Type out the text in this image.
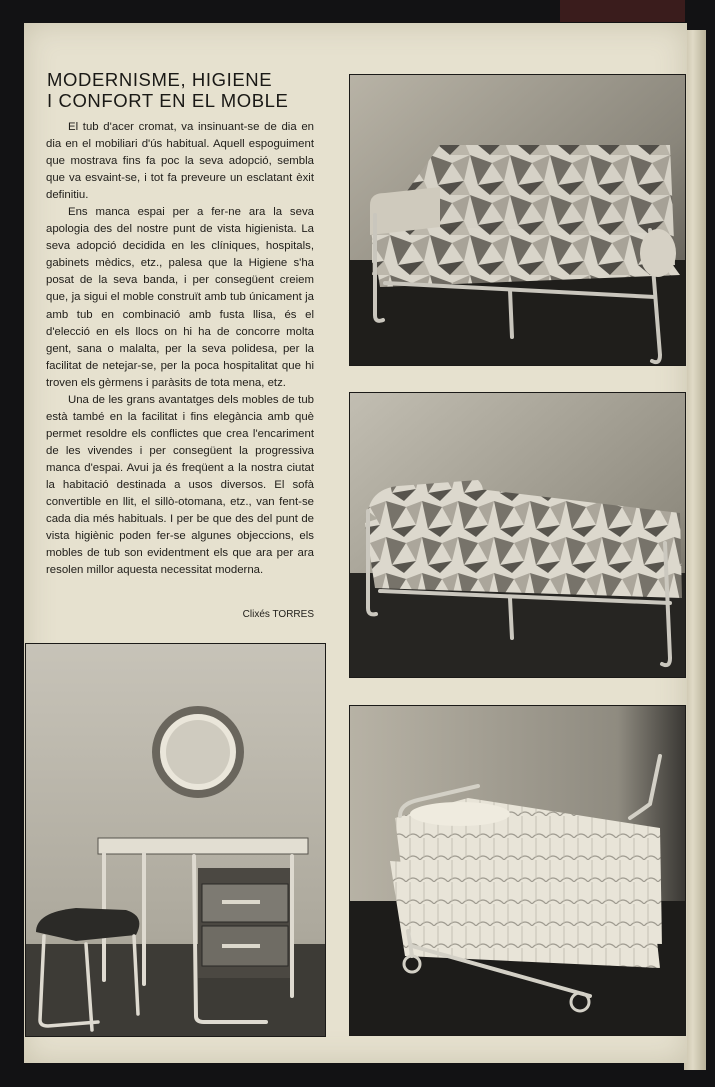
MODERNISME, HIGIENE
I CONFORT EN EL MOBLE

El tub d'acer cromat, va insinuant-se de dia en dia en el mobiliari d'ús habitual. Aquell espoguiment que mostrava fins fa poc la seva adopció, sembla que va esvaint-se, i tot fa preveure un esclatant èxit definitiu.

Ens manca espai per a fer-ne ara la seva apologia des del nostre punt de vista higienista. La seva adopció decidida en les clíniques, hospitals, gabinets mèdics, etz., palesa que la Higiene s'ha posat de la seva banda, i per consegüent creiem que, ja sigui el moble construït amb tub únicament ja amb tub en combinació amb fusta llisa, és el d'elecció en els llocs on hi ha de concorre molta gent, sana o malalta, per la seva polidesa, per la facilitat de netejar-se, per la poca hospitalitat que hi troven els gèrmens i paràsits de tota mena, etz.

Una de les grans avantatges dels mobles de tub està també en la facilitat i fins elegància amb què permet resoldre els conflictes que crea l'encariment de les vivendes i per consegüent la progressiva manca d'espai. Avui ja és freqüent a la nostra ciutat la habitació destinada a usos diversos. El sofà convertible en llit, el sillò-otomana, etz., van fent-se cada dia més habituals. I per be que des del punt de vista higiènic poden fer-se algunes objeccions, els mobles de tub son evidentment els que ara per ara resolen millor aquesta necessitat moderna.

Clixés TORRES
